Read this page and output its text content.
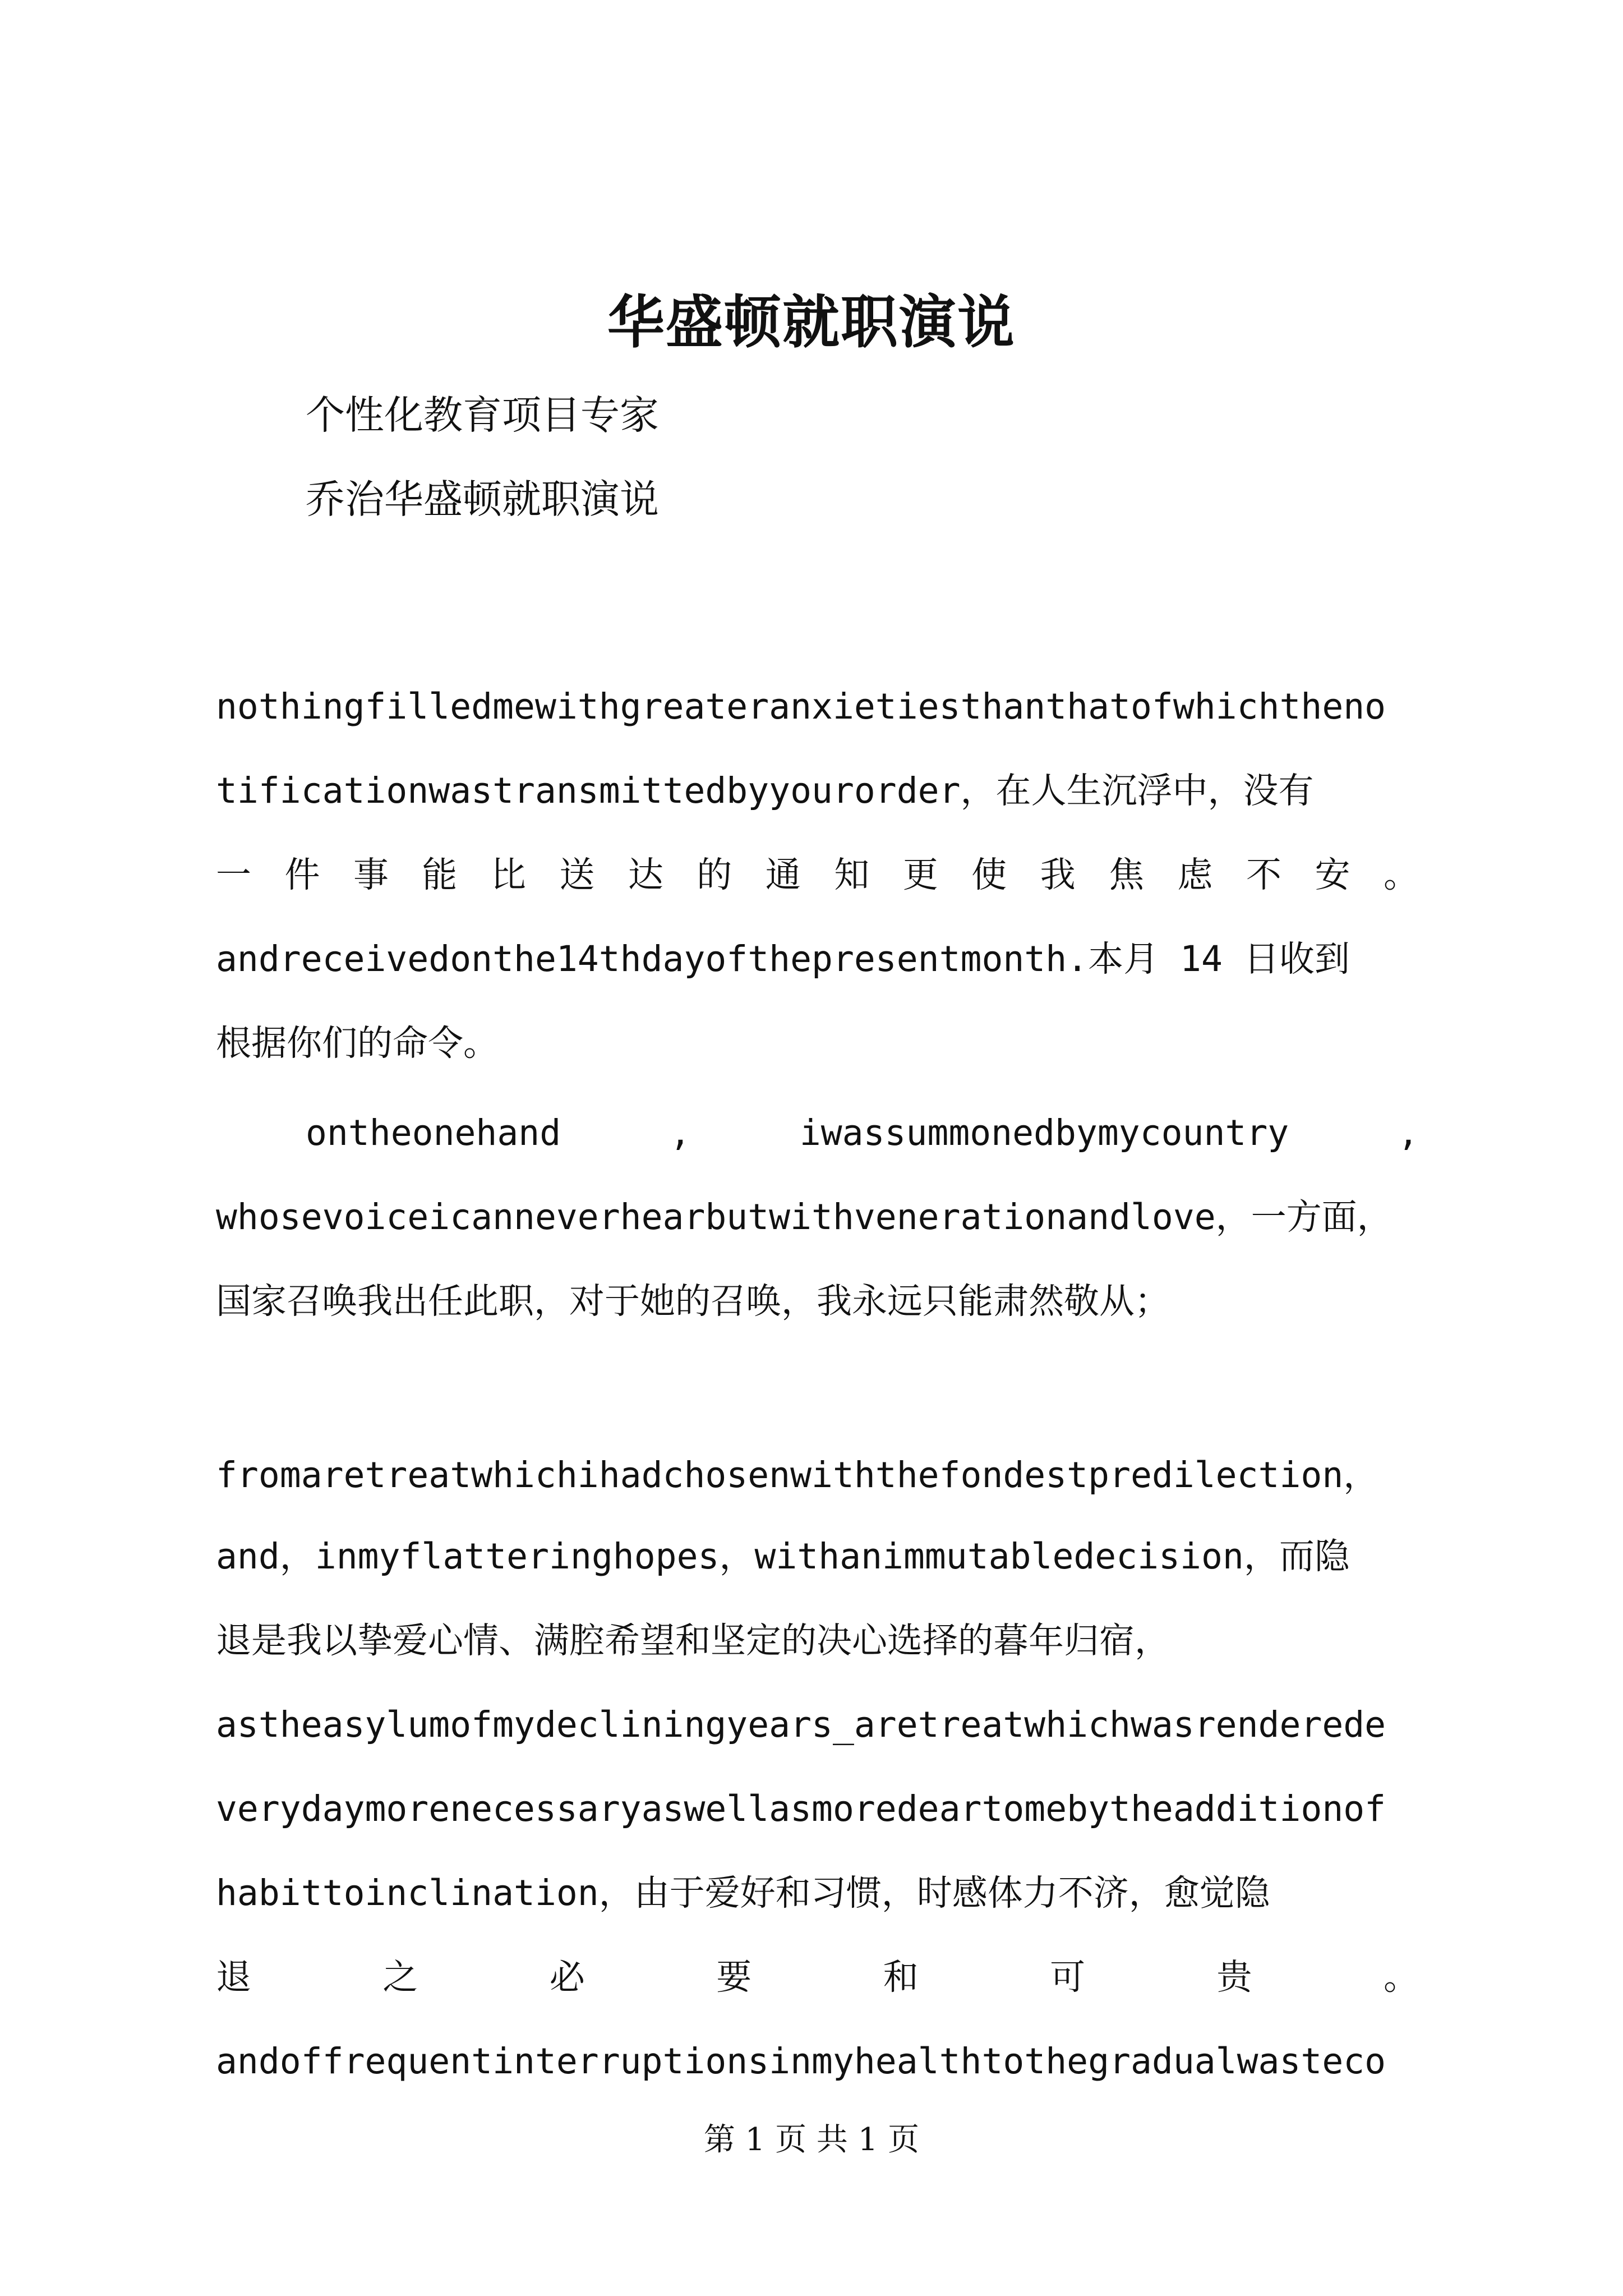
华盛顿就职演说
个性化教育项目专家
乔治华盛顿就职演说
nothingfilledmewithgreateranxietiesthanthatofwhichtheno
tificationwastransmittedbyyourorder，在人生沉浮中，没有
一 件 事 能 比 送 达 的 通 知 更 使 我 焦 虑 不 安 。
andreceivedonthe14thdayofthepresentmonth.本月 14 日收到
根据你们的命令。
ontheonehand , iwassummonedbymycountry ,
whosevoiceicanneverhearbutwithvenerationandlove，一方面，
国家召唤我出任此职，对于她的召唤，我永远只能肃然敬从；
fromaretreatwhichihadchosenwiththefondestpredilection，
and，inmyflatteringhopes，withanimmutabledecision，而隐
退是我以挚爱心情、满腔希望和坚定的决心选择的暮年归宿，
astheasylumofmydecliningyears_aretreatwhichwasrenderede
verydaymorenecessaryaswellasmoredeartomebytheadditionof
habittoinclination，由于爱好和习惯，时感体力不济，愈觉隐
退 之 必 要 和 可 贵 。
andoffrequentinterruptionsinmyhealthtothegradualwasteco
第 1 页 共 1 页
